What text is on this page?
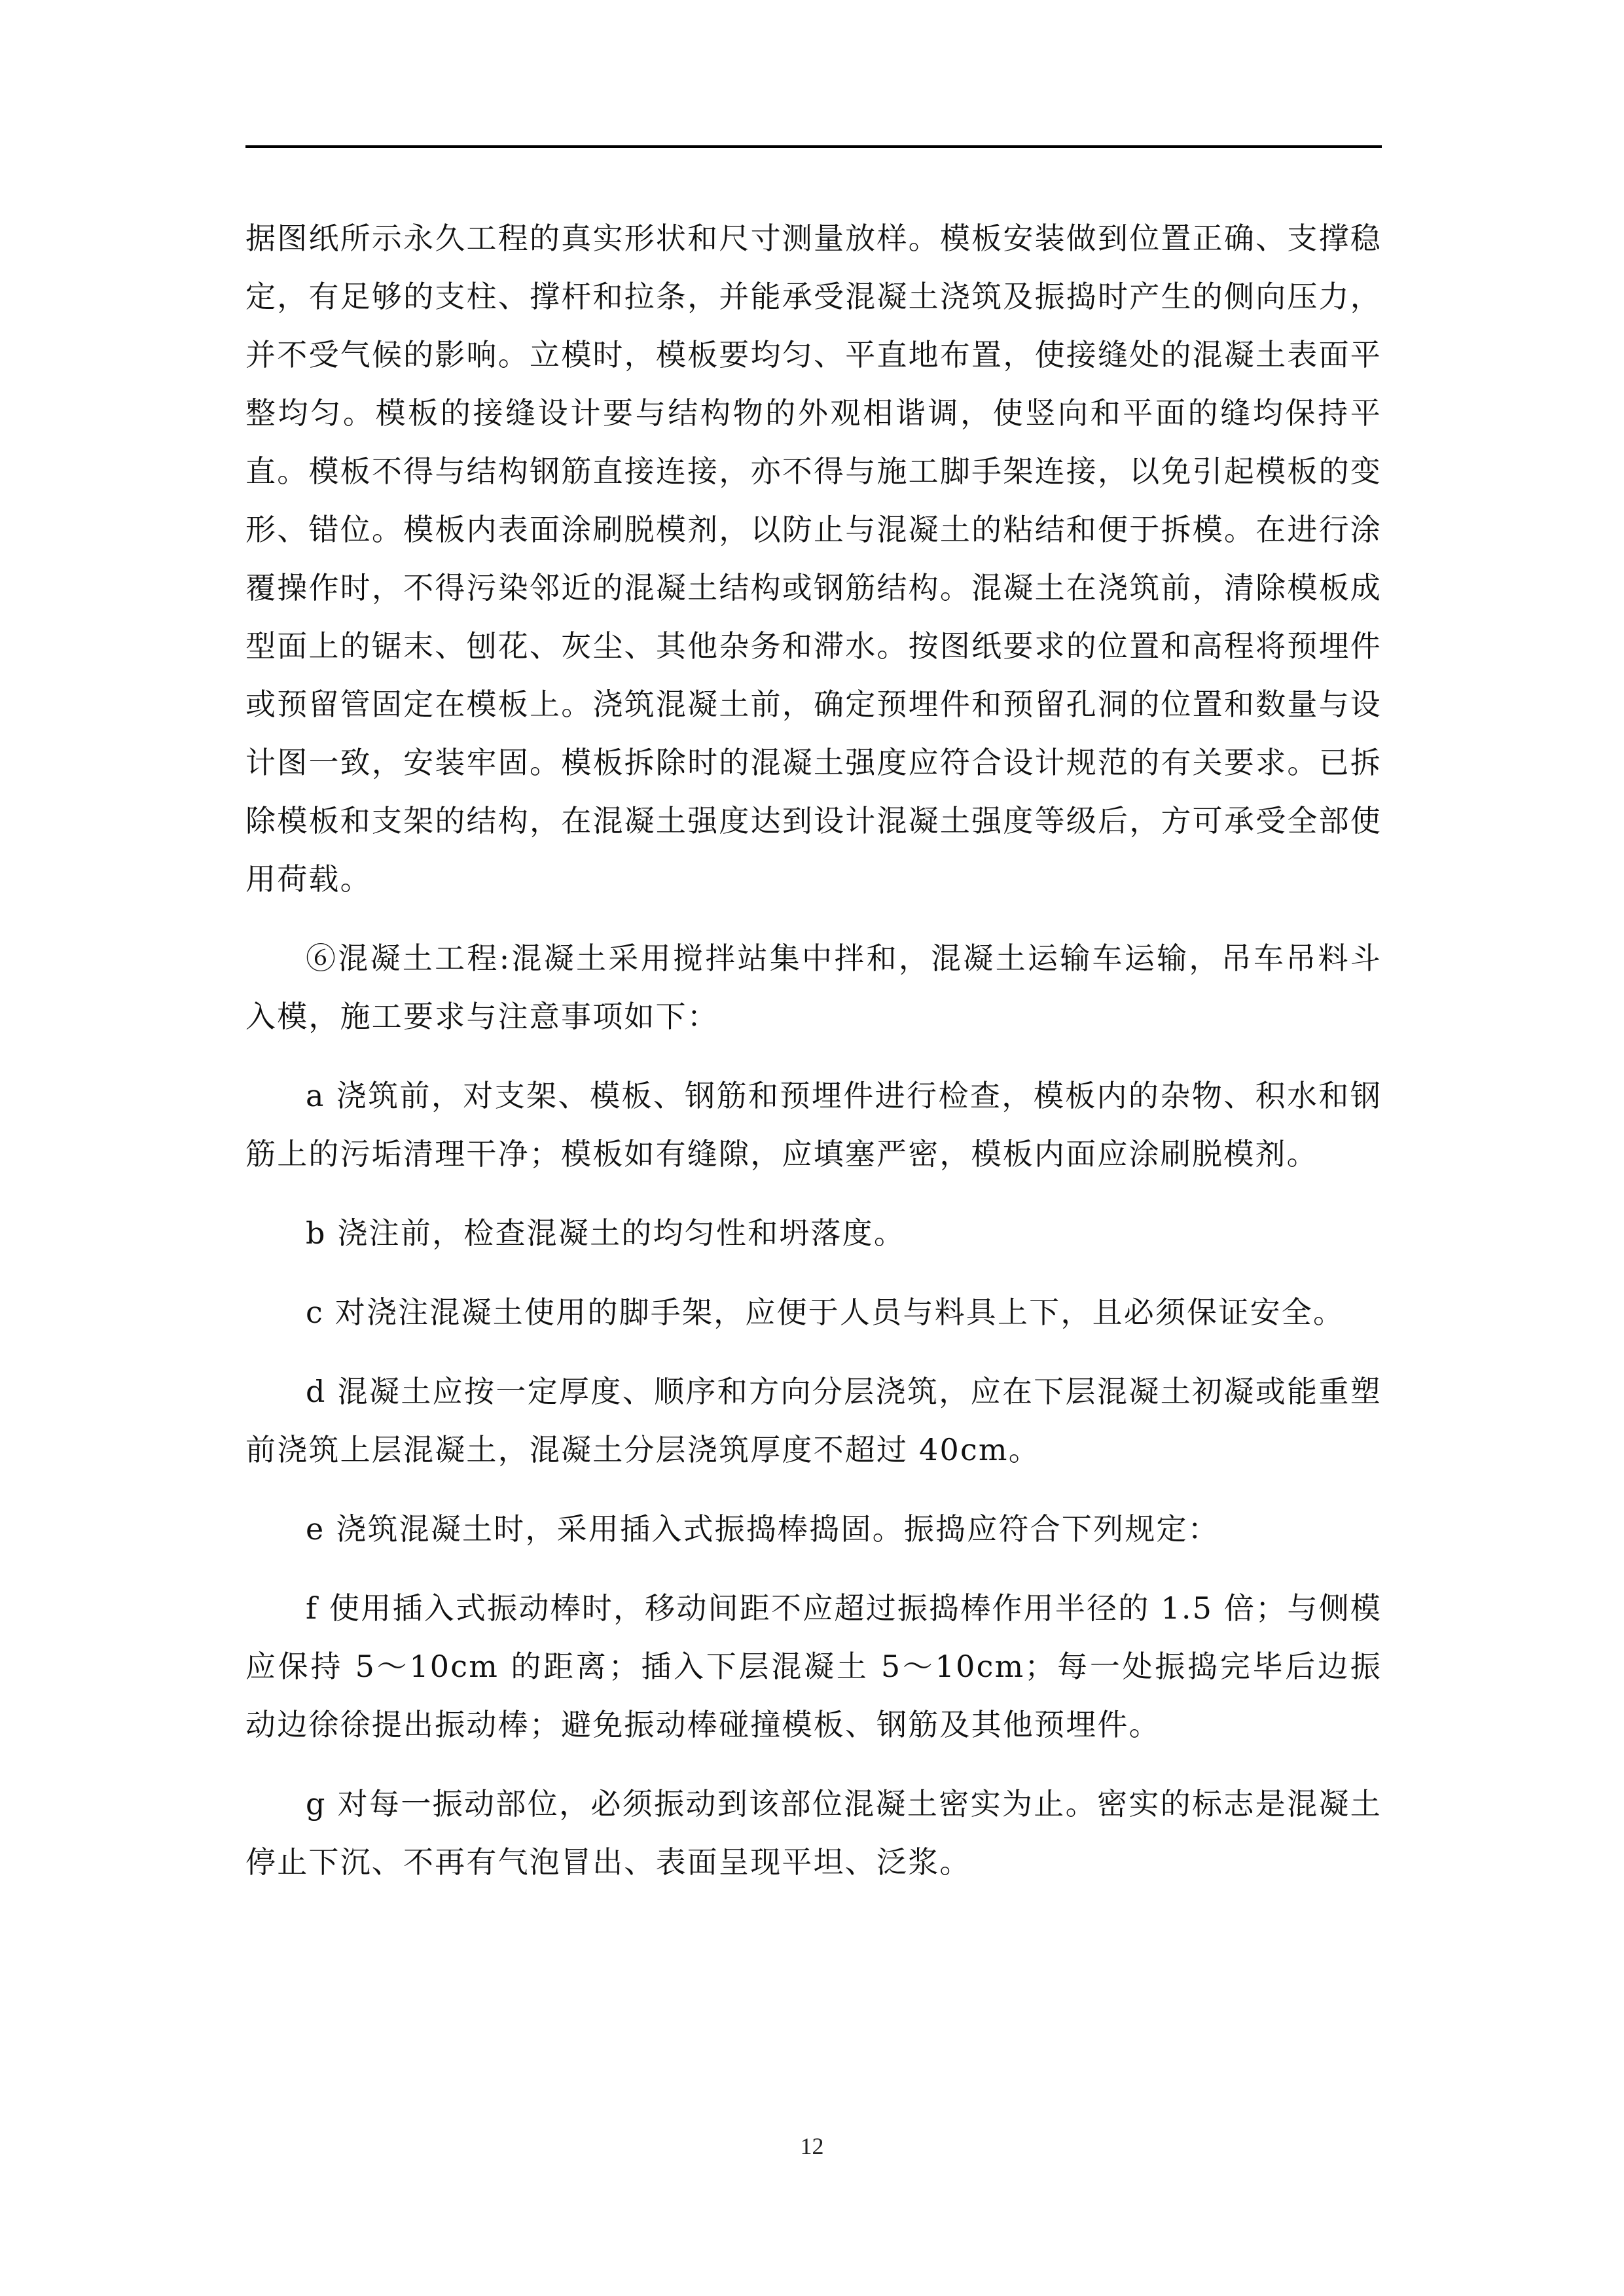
据图纸所示永久工程的真实形状和尺寸测量放样。模板安装做到位置正确、支撑稳定，有足够的支柱、撑杆和拉条，并能承受混凝土浇筑及振捣时产生的侧向压力，并不受气候的影响。立模时，模板要均匀、平直地布置，使接缝处的混凝土表面平整均匀。模板的接缝设计要与结构物的外观相谐调，使竖向和平面的缝均保持平直。模板不得与结构钢筋直接连接，亦不得与施工脚手架连接，以免引起模板的变形、错位。模板内表面涂刷脱模剂，以防止与混凝土的粘结和便于拆模。在进行涂覆操作时，不得污染邻近的混凝土结构或钢筋结构。混凝土在浇筑前，清除模板成型面上的锯末、刨花、灰尘、其他杂务和滞水。按图纸要求的位置和高程将预埋件或预留管固定在模板上。浇筑混凝土前，确定预埋件和预留孔洞的位置和数量与设计图一致，安装牢固。模板拆除时的混凝土强度应符合设计规范的有关要求。已拆除模板和支架的结构，在混凝土强度达到设计混凝土强度等级后，方可承受全部使用荷载。

⑥混凝土工程:混凝土采用搅拌站集中拌和，混凝土运输车运输，吊车吊料斗入模，施工要求与注意事项如下：

a 浇筑前，对支架、模板、钢筋和预埋件进行检查，模板内的杂物、积水和钢筋上的污垢清理干净；模板如有缝隙，应填塞严密，模板内面应涂刷脱模剂。

b 浇注前，检查混凝土的均匀性和坍落度。

c 对浇注混凝土使用的脚手架，应便于人员与料具上下，且必须保证安全。

d 混凝土应按一定厚度、顺序和方向分层浇筑，应在下层混凝土初凝或能重塑前浇筑上层混凝土，混凝土分层浇筑厚度不超过 40cm。

e 浇筑混凝土时，采用插入式振捣棒捣固。振捣应符合下列规定：

f 使用插入式振动棒时，移动间距不应超过振捣棒作用半径的 1.5 倍；与侧模应保持 5～10cm 的距离；插入下层混凝土 5～10cm；每一处振捣完毕后边振动边徐徐提出振动棒；避免振动棒碰撞模板、钢筋及其他预埋件。

g 对每一振动部位，必须振动到该部位混凝土密实为止。密实的标志是混凝土停止下沉、不再有气泡冒出、表面呈现平坦、泛浆。

12
